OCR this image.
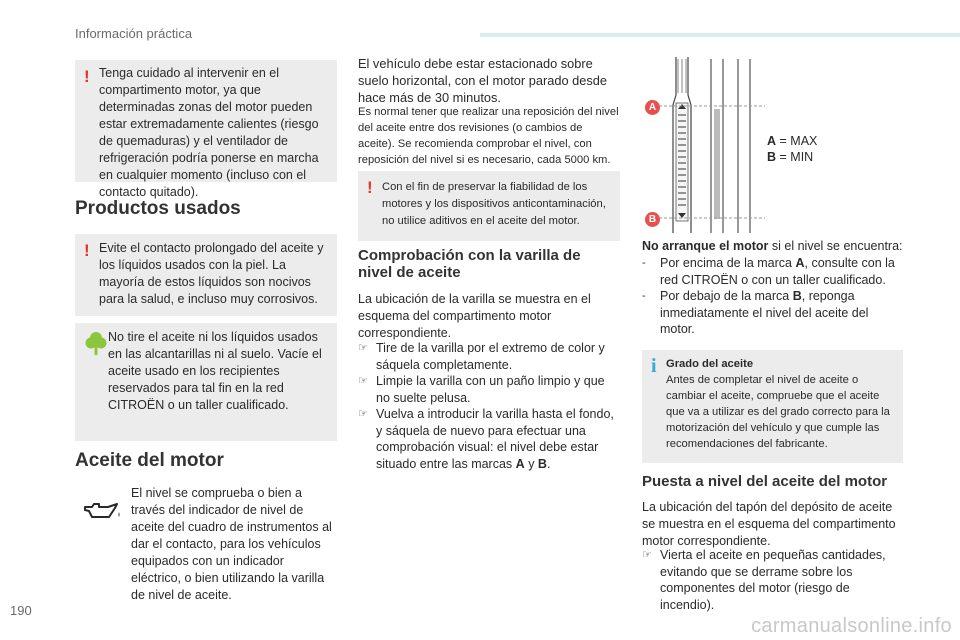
Información práctica
! Tenga cuidado al intervenir en el compartimento motor, ya que determinadas zonas del motor pueden estar extremadamente calientes (riesgo de quemaduras) y el ventilador de refrigeración podría ponerse en marcha en cualquier momento (incluso con el contacto quitado).

Productos usados
! Evite el contacto prolongado del aceite y los líquidos usados con la piel. La mayoría de estos líquidos son nocivos para la salud, e incluso muy corrosivos.

No tire el aceite ni los líquidos usados en las alcantarillas ni al suelo. Vacíe el aceite usado en los recipientes reservados para tal fin en la red CITROËN o un taller cualificado.

Aceite del motor

El nivel se comprueba o bien a través del indicador de nivel de aceite del cuadro de instrumentos al dar el contacto, para los vehículos equipados con un indicador eléctrico, o bien utilizando la varilla de nivel de aceite.

El vehículo debe estar estacionado sobre suelo horizontal, con el motor parado desde hace más de 30 minutos.

Es normal tener que realizar una reposición del nivel del aceite entre dos revisiones (o cambios de aceite). Se recomienda comprobar el nivel, con reposición del nivel si es necesario, cada 5000 km.

! Con el fin de preservar la fiabilidad de los motores y los dispositivos anticontaminación, no utilice aditivos en el aceite del motor.

Comprobación con la varilla de nivel de aceite

La ubicación de la varilla se muestra en el esquema del compartimento motor correspondiente.

☞ Tire de la varilla por el extremo de color y sáquela completamente.
☞ Limpie la varilla con un paño limpio y que no suelte pelusa.
☞ Vuelva a introducir la varilla hasta el fondo, y sáquela de nuevo para efectuar una comprobación visual: el nivel debe estar situado entre las marcas A y B.
A
B
A = MAX
B = MIN

No arranque el motor si el nivel se encuentra:

- Por encima de la marca A, consulte con la red CITROËN o con un taller cualificado.
- Por debajo de la marca B, reponga inmediatamente el nivel del aceite del motor.
i Grado del aceite

Antes de completar el nivel de aceite o cambiar el aceite, compruebe que el aceite que va a utilizar es del grado correcto para la motorización del vehículo y que cumple las recomendaciones del fabricante.

Puesta a nivel del aceite del motor

La ubicación del tapón del depósito de aceite se muestra en el esquema del compartimento motor correspondiente.

☞ Vierta el aceite en pequeñas cantidades, evitando que se derrame sobre los componentes del motor (riesgo de incendio).
190
carmanualsonline.info
